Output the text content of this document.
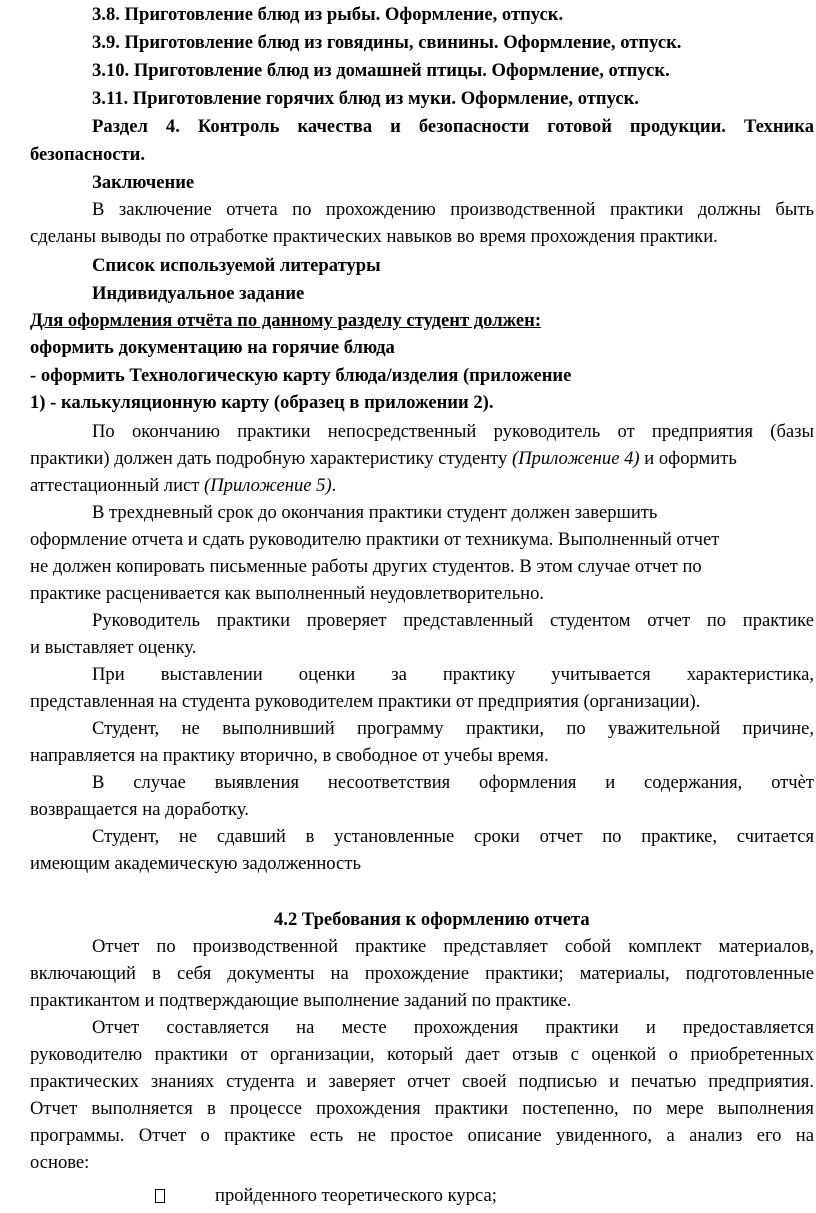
3.8. Приготовление блюд из рыбы. Оформление, отпуск.
3.9. Приготовление блюд из говядины, свинины. Оформление, отпуск.
3.10. Приготовление блюд из домашней птицы. Оформление, отпуск.
3.11. Приготовление горячих блюд из муки. Оформление, отпуск.
Раздел 4. Контроль качества и безопасности готовой продукции. Техника
безопасности.
Заключение
В заключение отчета по прохождению производственной практики должны быть
сделаны выводы по отработке практических навыков во время прохождения практики.
Список используемой литературы
Индивидуальное задание
Для оформления отчёта по данному разделу студент должен:
оформить документацию на горячие блюда
- оформить Технологическую карту блюда/изделия (приложение
1) - калькуляционную карту (образец в приложении 2).
По окончанию практики непосредственный руководитель от предприятия (базы
практики) должен дать подробную характеристику студенту (Приложение 4) и оформить
аттестационный лист (Приложение 5).
В трехдневный срок до окончания практики студент должен завершить
оформление отчета и сдать руководителю практики от техникума. Выполненный отчет
не должен копировать письменные работы других студентов. В этом случае отчет по
практике расценивается как выполненный неудовлетворительно.
Руководитель практики проверяет представленный студентом отчет по практике
и выставляет оценку.
При выставлении оценки за практику учитывается характеристика,
представленная на студента руководителем практики от предприятия (организации).
Студент, не выполнивший программу практики, по уважительной причине,
направляется на практику вторично, в свободное от учебы время.
В случае выявления несоответствия оформления и содержания, отчѐт
возвращается на доработку.
Студент, не сдавший в установленные сроки отчет по практике, считается
имеющим академическую задолженность
4.2 Требования к оформлению отчета
Отчет по производственной практике представляет собой комплект материалов,
включающий в себя документы на прохождение практики; материалы, подготовленные
практикантом и подтверждающие выполнение заданий по практике.
Отчет составляется на месте прохождения практики и предоставляется
руководителю практики от организации, который дает отзыв с оценкой о приобретенных
практических знаниях студента и заверяет отчет своей подписью и печатью предприятия.
Отчет выполняется в процессе прохождения практики постепенно, по мере выполнения
программы. Отчет о практике есть не простое описание увиденного, а анализ его на
основе:
пройденного теоретического курса;
